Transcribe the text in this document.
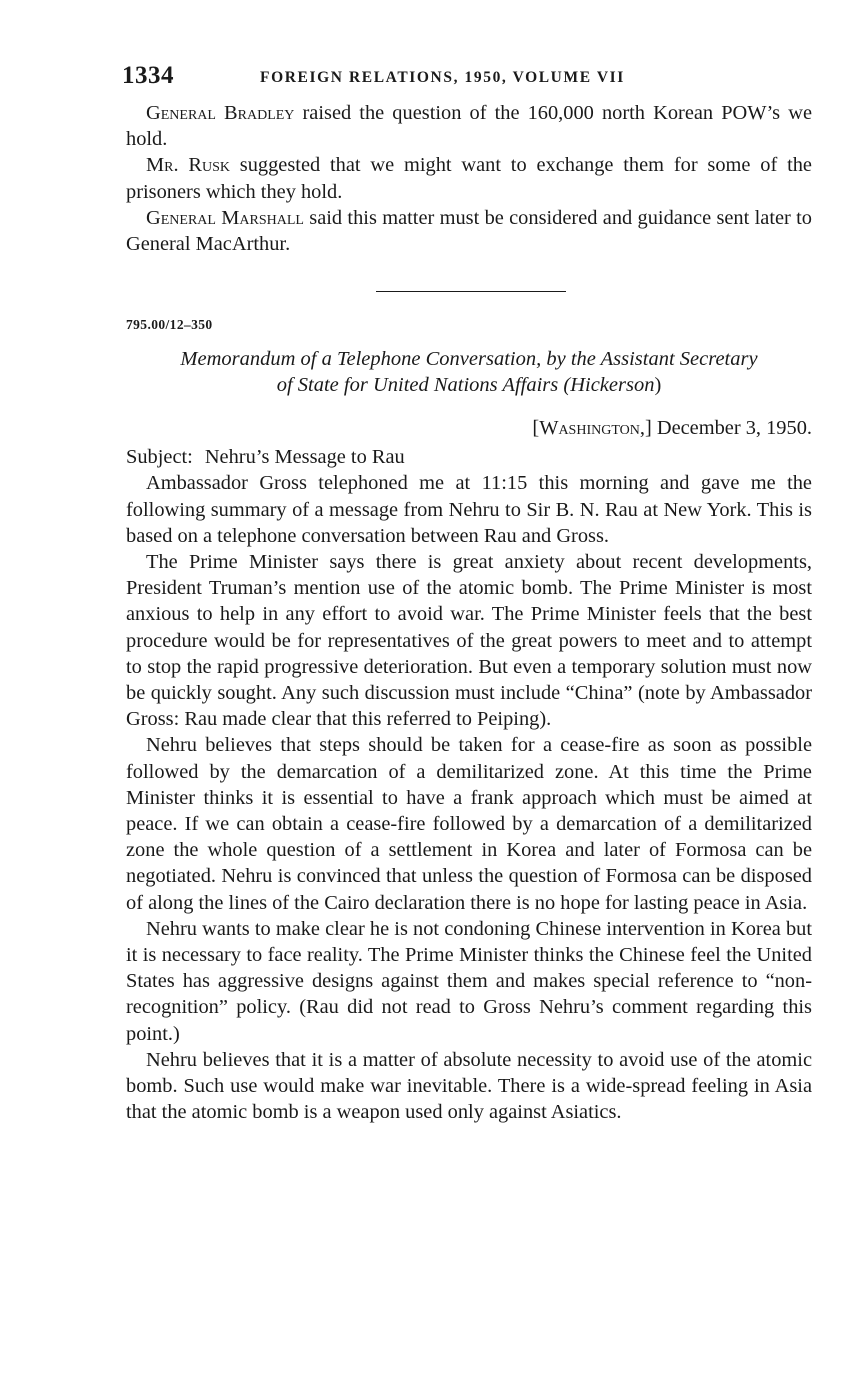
1334	FOREIGN RELATIONS, 1950, VOLUME VII

General Bradley raised the question of the 160,000 north Korean POW’s we hold.

Mr. Rusk suggested that we might want to exchange them for some of the prisoners which they hold.

General Marshall said this matter must be considered and guidance sent later to General MacArthur.

795.00/12–350
Memorandum of a Telephone Conversation, by the Assistant Secretary
of State for United Nations Affairs (Hickerson)
[Washington,] December 3, 1950.
Subject: Nehru’s Message to Rau

Ambassador Gross telephoned me at 11:15 this morning and gave me the following summary of a message from Nehru to Sir B. N. Rau at New York. This is based on a telephone conversation between Rau and Gross.

The Prime Minister says there is great anxiety about recent developments, President Truman’s mention use of the atomic bomb. The Prime Minister is most anxious to help in any effort to avoid war. The Prime Minister feels that the best procedure would be for representatives of the great powers to meet and to attempt to stop the rapid progressive deterioration. But even a temporary solution must now be quickly sought. Any such discussion must include “China” (note by Ambassador Gross: Rau made clear that this referred to Peiping).

Nehru believes that steps should be taken for a cease-fire as soon as possible followed by the demarcation of a demilitarized zone. At this time the Prime Minister thinks it is essential to have a frank approach which must be aimed at peace. If we can obtain a cease-fire followed by a demarcation of a demilitarized zone the whole question of a settlement in Korea and later of Formosa can be negotiated. Nehru is convinced that unless the question of Formosa can be disposed of along the lines of the Cairo declaration there is no hope for lasting peace in Asia.

Nehru wants to make clear he is not condoning Chinese intervention in Korea but it is necessary to face reality. The Prime Minister thinks the Chinese feel the United States has aggressive designs against them and makes special reference to “non-recognition” policy. (Rau did not read to Gross Nehru’s comment regarding this point.)

Nehru believes that it is a matter of absolute necessity to avoid use of the atomic bomb. Such use would make war inevitable. There is a wide-spread feeling in Asia that the atomic bomb is a weapon used only against Asiatics.
